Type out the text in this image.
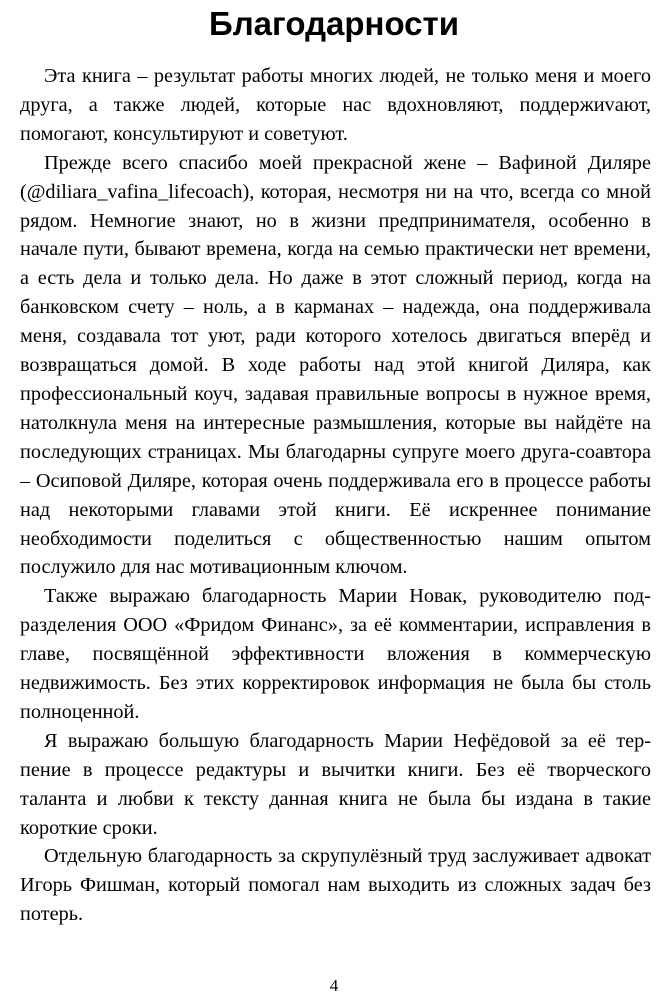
Благодарности

Эта книга – результат работы многих людей, не только меня и моего друга, а также людей, которые нас вдохновляют, поддержиvают, помогают, консультируют и советуют.

Прежде всего спасибо моей прекрасной жене – Вафиной Диляре (@diliara_vafina_lifecoach), которая, несмотря ни на что, всегда со мной рядом. Немногие знают, но в жизни предпринимателя, особенно в начале пути, бывают времена, когда на семью практически нет времени, а есть дела и только дела. Но даже в этот сложный период, когда на банковском счету – ноль, а в карманах – надежда, она поддерживала меня, создавала тот уют, ради которого хотелось двигаться вперёд и возвращаться домой. В ходе работы над этой книгой Диляра, как профессиональный коуч, задавая правильные вопросы в нужное время, натолкнула меня на интересные размышления, которые вы найдёте на последующих страницах. Мы благодарны супруге моего друга-соавтора – Осиповой Диляре, которая очень поддерживала его в процессе работы над некоторыми главами этой книги. Её искреннее понимание необходимости поделиться с общественностью нашим опытом послужило для нас мотивационным ключом.

Также выражаю благодарность Марии Новак, руководителю подразделения ООО «Фридом Финанс», за её комментарии, исправления в главе, посвящённой эффективности вложения в коммерческую недвижимость. Без этих корректировок информация не была бы столь полноценной.

Я выражаю большую благодарность Марии Нефёдовой за её терпение в процессе редактуры и вычитки книги. Без её творческого таланта и любви к тексту данная книга не была бы издана в такие короткие сроки.

Отдельную благодарность за скрупулёзный труд заслуживает адвокат Игорь Фишман, который помогал нам выходить из сложных задач без потерь.

4
